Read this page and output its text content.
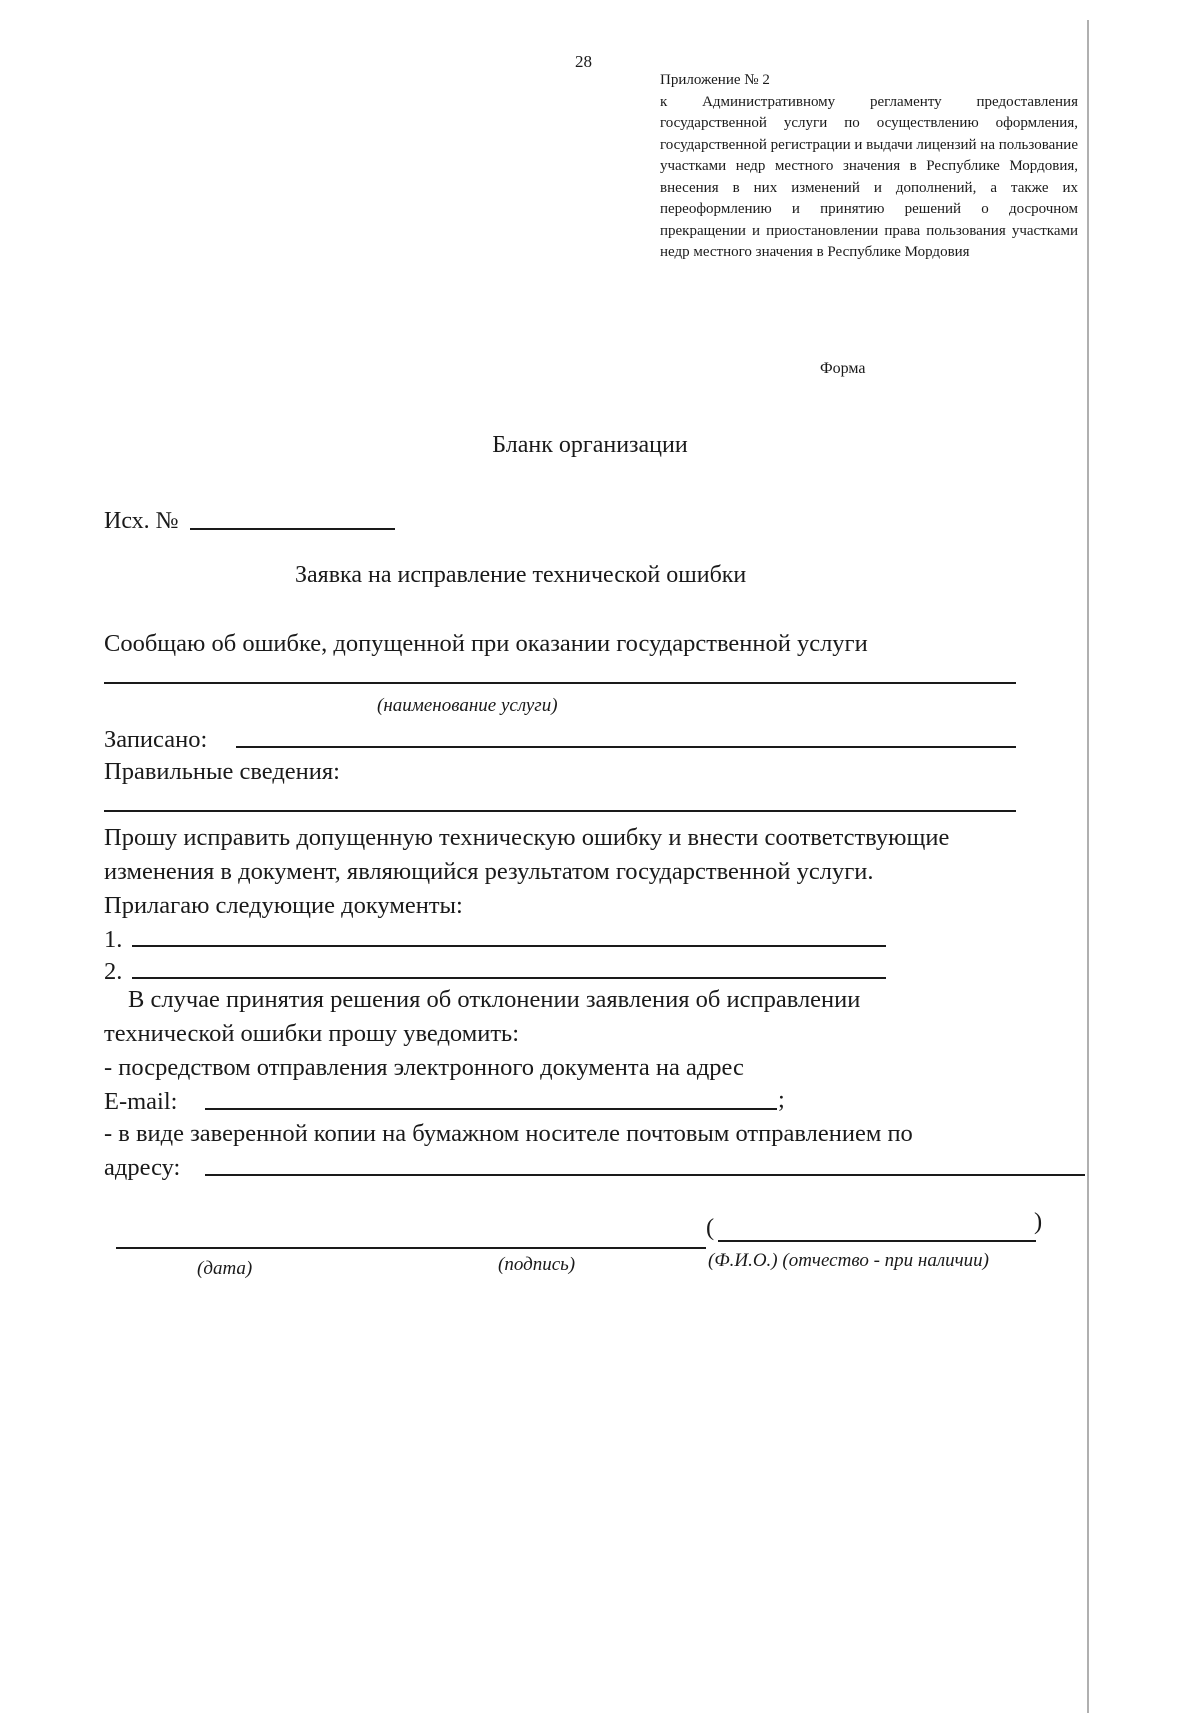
28
Приложение № 2
к Административному регламенту предоставления государственной услуги по осуществлению оформления, государственной регистрации и выдачи лицензий на пользование участками недр местного значения в Республике Мордовия, внесения в них изменений и дополнений, а также их переоформлению и принятию решений о досрочном прекращении и приостановлении права пользования участками недр местного значения в Республике Мордовия
Форма
Бланк организации
Исх. №
Заявка на исправление технической ошибки
Сообщаю об ошибке, допущенной при оказании государственной услуги
(наименование услуги)
Записано:
Правильные сведения:
Прошу исправить допущенную техническую ошибку и внести соответствующие
изменения в документ, являющийся результатом государственной услуги.
Прилагаю следующие документы:
1.
2.
В случае принятия решения об отклонении заявления об исправлении
технической ошибки прошу уведомить:
- посредством отправления электронного документа на адрес
E-mail:	;
- в виде заверенной копии на бумажном носителе почтовым отправлением по
адресу:
(	)
(дата)	(подпись)	(Ф.И.О.) (отчество - при наличии)
